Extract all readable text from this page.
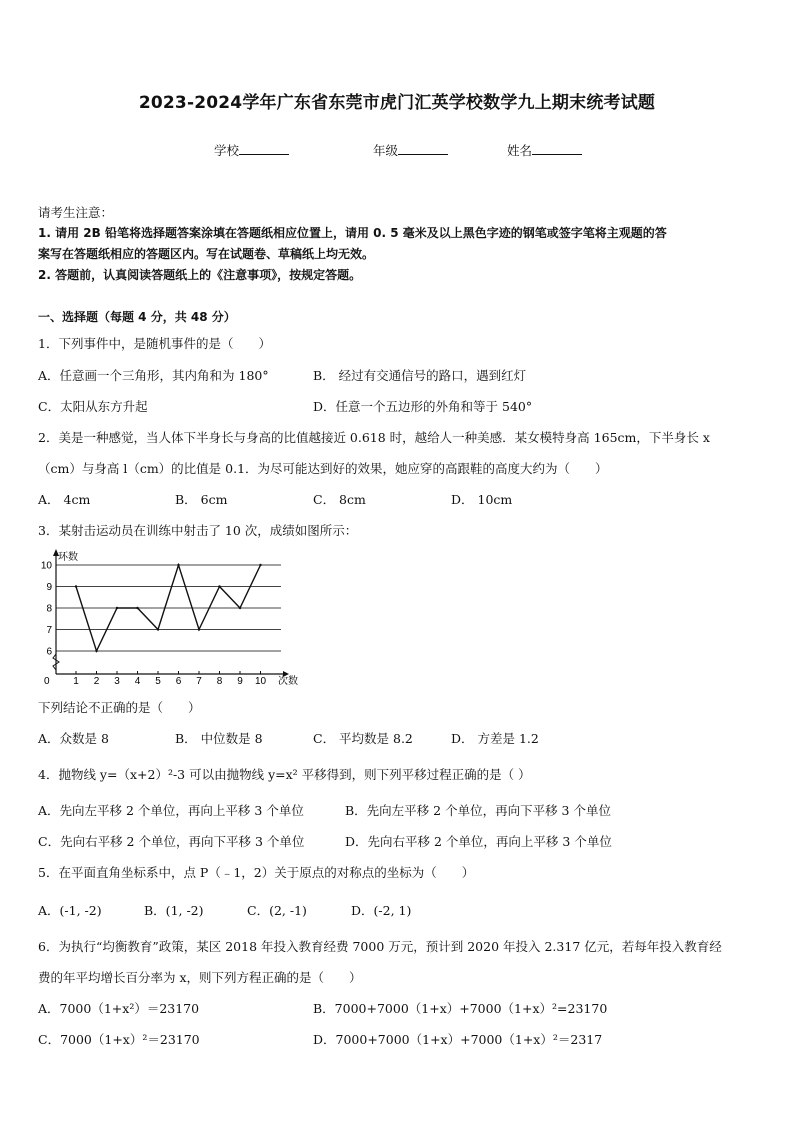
2023-2024学年广东省东莞市虎门汇英学校数学九上期末统考试题
学校	年级	姓名
请考生注意：
1. 请用 2B 铅笔将选择题答案涂填在答题纸相应位置上，请用 0. 5 毫米及以上黑色字迹的钢笔或签字笔将主观题的答
案写在答题纸相应的答题区内。写在试题卷、草稿纸上均无效。
2. 答题前，认真阅读答题纸上的《注意事项》，按规定答题。
一、选择题（每题 4 分，共 48 分）
1．下列事件中，是随机事件的是（　　）
A．任意画一个三角形，其内角和为 180°	B． 经过有交通信号的路口，遇到红灯
C．太阳从东方升起	D．任意一个五边形的外角和等于 540°
2．美是一种感觉，当人体下半身长与身高的比值越接近 0.618 时，越给人一种美感．某女模特身高 165cm，下半身长 x
（cm）与身高 l（cm）的比值是 0.1．为尽可能达到好的效果，她应穿的高跟鞋的高度大约为（　　）
A． 4cm	B． 6cm	C． 8cm	D． 10cm
3．某射击运动员在训练中射击了 10 次，成绩如图所示：
6
7
8
9
10
1 2 3 4 5 6 7 8 9 10
环数
次数
0
下列结论不正确的是（　　）
A．众数是 8	B． 中位数是 8	C． 平均数是 8.2	D． 方差是 1.2
4．抛物线 y=（x+2）²-3 可以由抛物线 y=x² 平移得到，则下列平移过程正确的是（ ）
A．先向左平移 2 个单位，再向上平移 3 个单位	B．先向左平移 2 个单位，再向下平移 3 个单位
C．先向右平移 2 个单位，再向下平移 3 个单位	D．先向右平移 2 个单位，再向上平移 3 个单位
5．在平面直角坐标系中，点 P（﹣1，2）关于原点的对称点的坐标为（　　）
A．(-1, -2)	B．(1, -2)	C．(2, -1)	D．(-2, 1)
6．为执行“均衡教育”政策，某区 2018 年投入教育经费 7000 万元，预计到 2020 年投入 2.317 亿元，若每年投入教育经
费的年平均增长百分率为 x，则下列方程正确的是（　　）
A．7000（1+x²）＝23170	B．7000+7000（1+x）+7000（1+x）²=23170
C．7000（1+x）²＝23170	D．7000+7000（1+x）+7000（1+x）²＝2317
